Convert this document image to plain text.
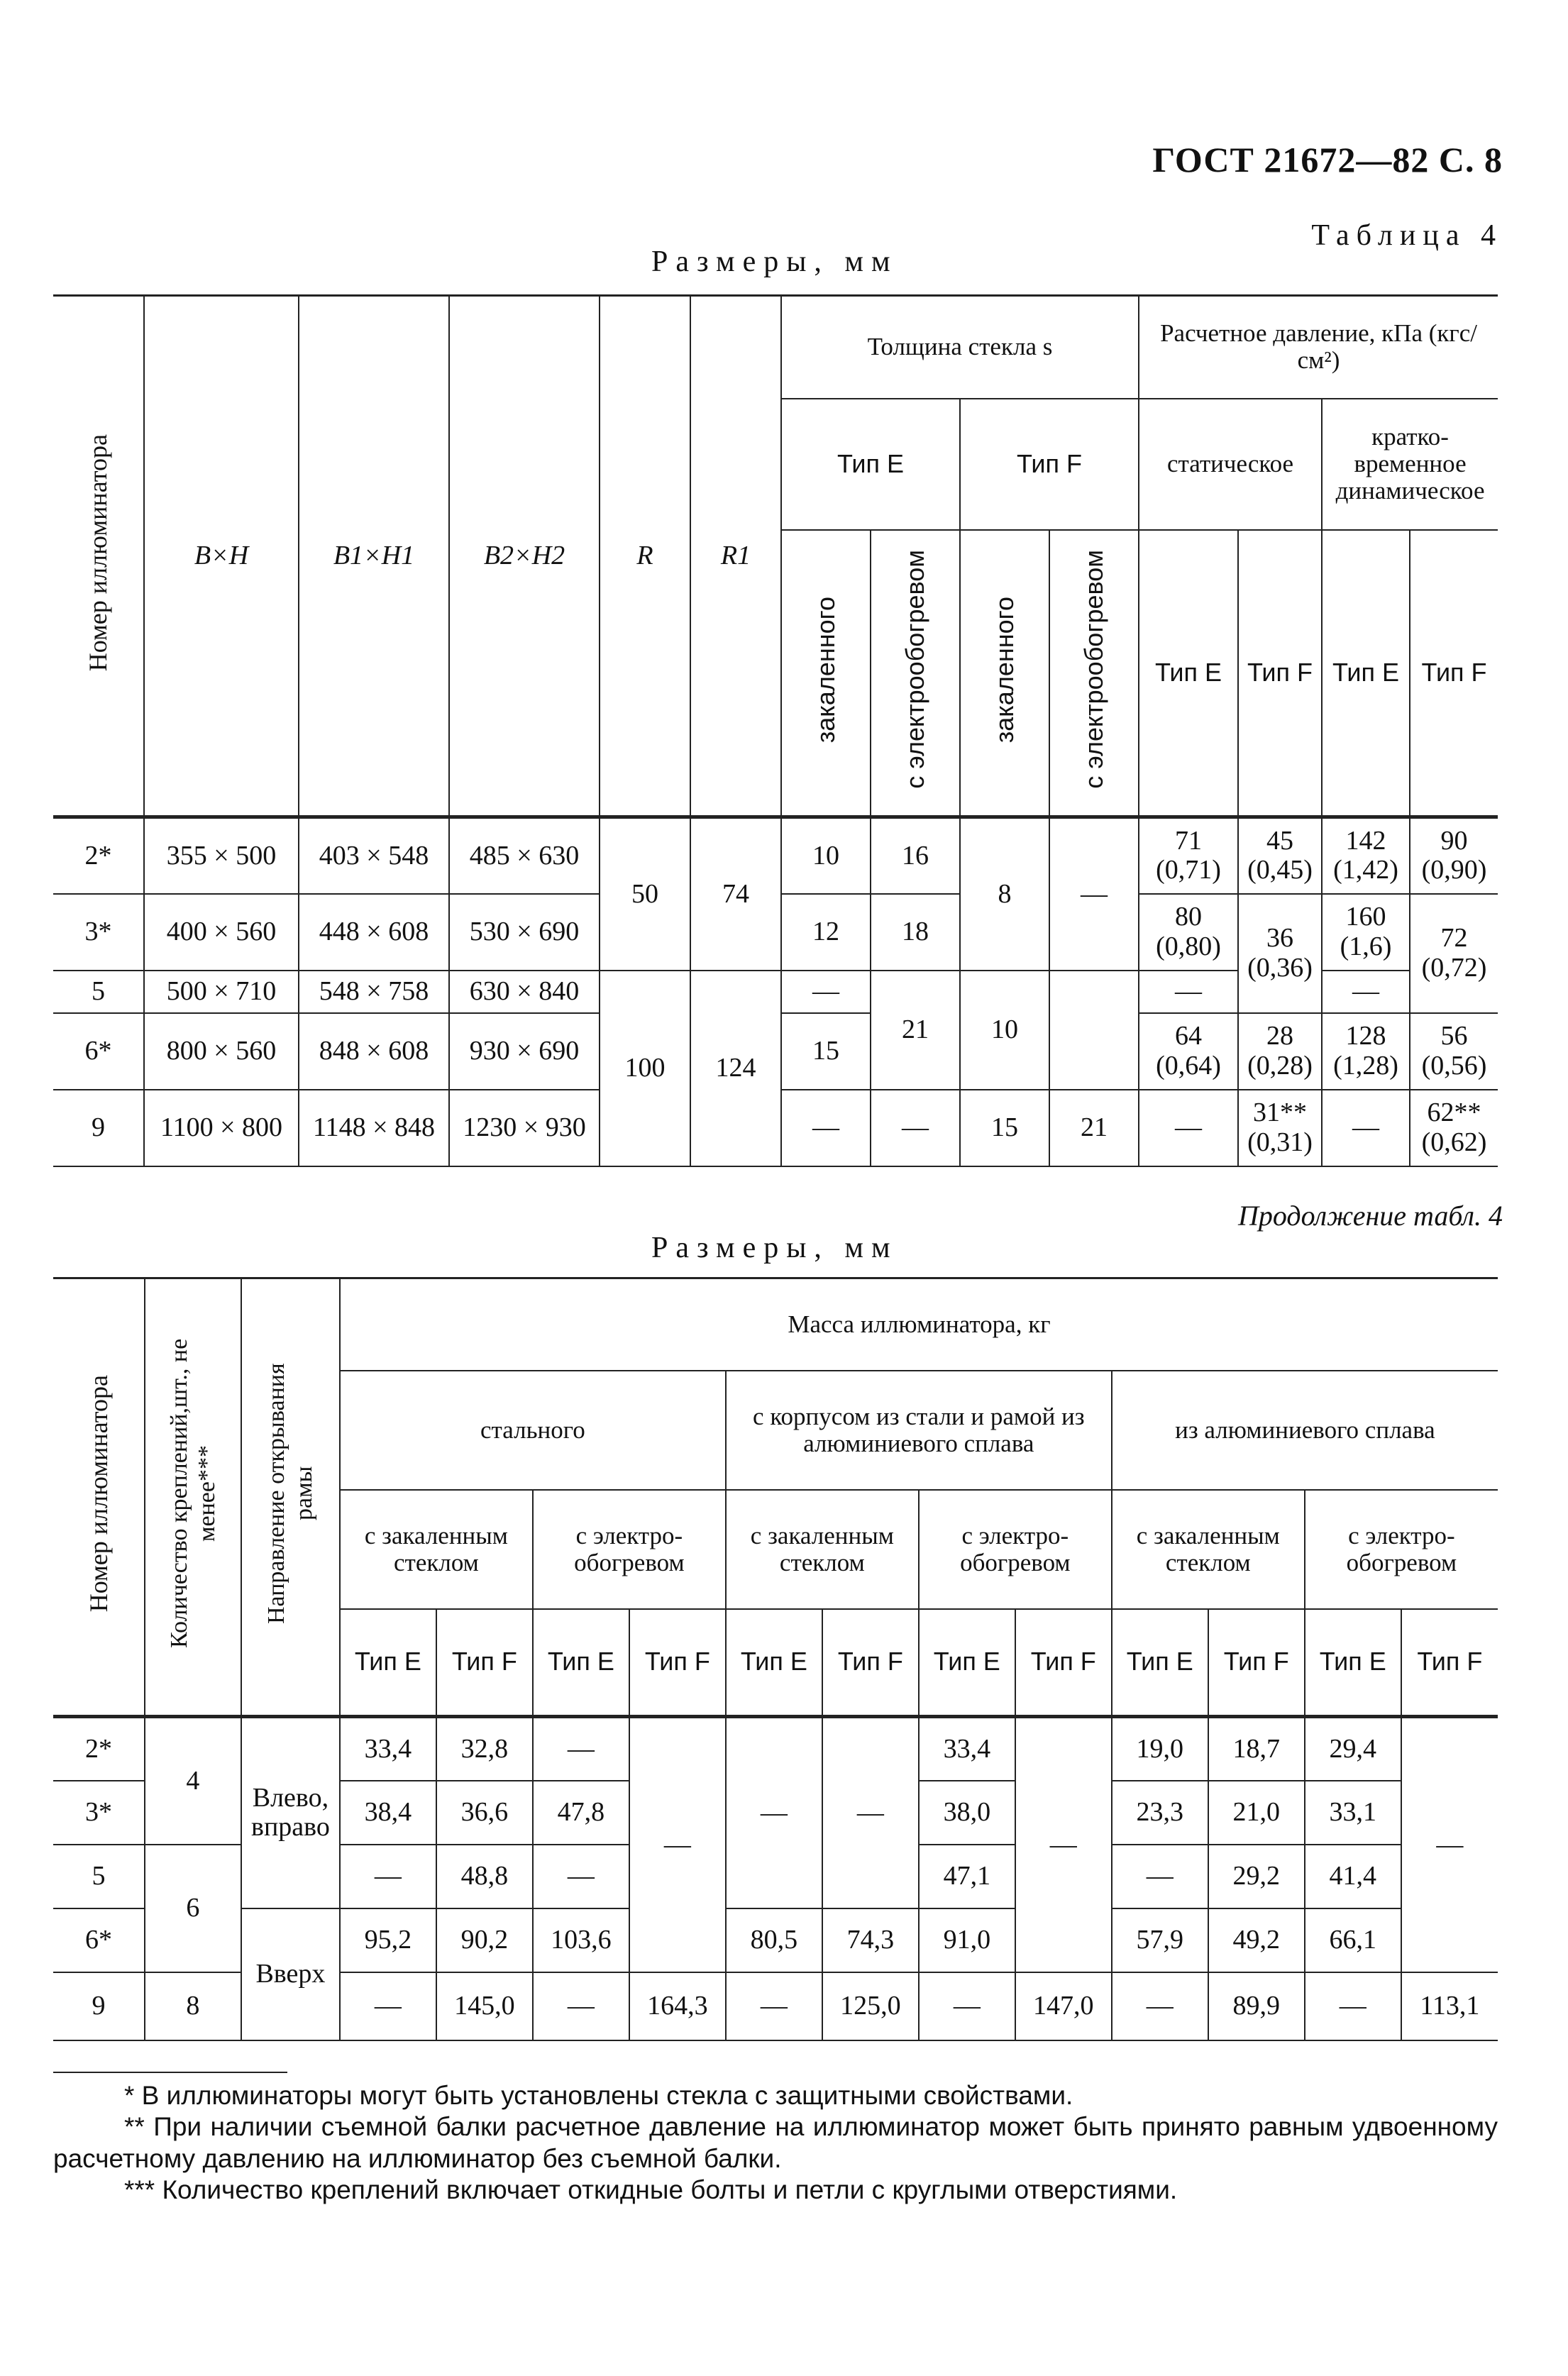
ГОСТ 21672—82 С. 8
Таблица 4
Размеры, мм
Номер иллюминатора	B×H	B1×H1	B2×H2	R	R1	Толщина стекла s				Расчетное давление, кПа (кгс/см²)			
						Тип E		Тип F		статическое		кратко-временное динамическое	
						закаленного	с электрообогревом	закаленного	с электрообогревом	Тип E	Тип F	Тип E	Тип F
2*	355 × 500	403 × 548	485 × 630	50	74	10	16	8	—	71 (0,71)	45 (0,45)	142 (1,42)	90 (0,90)
3*	400 × 560	448 × 608	530 × 690			12	18			80 (0,80)	36 (0,36)	160 (1,6)	72 (0,72)
5	500 × 710	548 × 758	630 × 840	100	124	—	21	10		—		—	
6*	800 × 560	848 × 608	930 × 690			15				64 (0,64)	28 (0,28)	128 (1,28)	56 (0,56)
9	1100 × 800	1148 × 848	1230 × 930			—	—	15	21	—	31** (0,31)	—	62** (0,62)
Продолжение табл. 4
Размеры, мм
Номер иллюминатора	Количество креплений,шт., не менее***	Направление открывания рамы	Масса иллюминатора, кг											
			стального				с корпусом из стали и рамой из алюминиевого сплава				из алюминиевого сплава			
			с закаленным стеклом		с электро-обогревом		с закаленным стеклом		с электро-обогревом		с закаленным стеклом		с электро-обогревом	
			Тип E	Тип F	Тип E	Тип F	Тип E	Тип F	Тип E	Тип F	Тип E	Тип F	Тип E	Тип F
2*	4	Влево, вправо	33,4	32,8	—	—	—	—	33,4	—	19,0	18,7	29,4	—
3*			38,4	36,6	47,8				38,0		23,3	21,0	33,1	
5	6		—	48,8	—				47,1		—	29,2	41,4	
6*		Вверх	95,2	90,2	103,6		80,5	74,3	91,0		57,9	49,2	66,1	
9	8		—	145,0	—	164,3	—	125,0	—	147,0	—	89,9	—	113,1

* В иллюминаторы могут быть установлены стекла с защитными свойствами.

** При наличии съемной балки расчетное давление на иллюминатор может быть принято равным удвоенному расчетному давлению на иллюминатор без съемной балки.

*** Количество креплений включает откидные болты и петли с круглыми отверстиями.
